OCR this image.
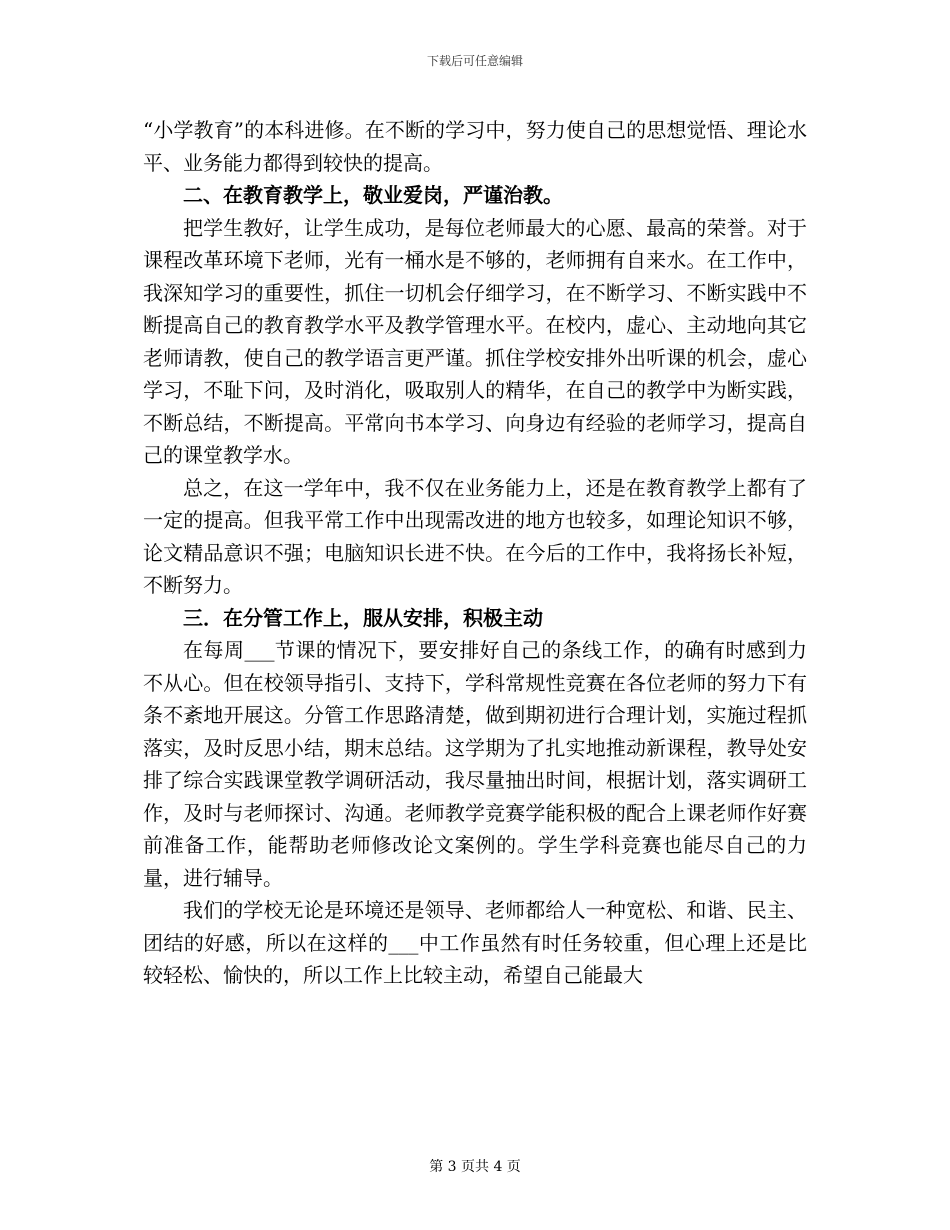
下载后可任意编辑

“小学教育”的本科进修。在不断的学习中，努力使自己的思想觉悟、理论水平、业务能力都得到较快的提高。

二、在教育教学上，敬业爱岗，严谨治教。

把学生教好，让学生成功，是每位老师最大的心愿、最高的荣誉。对于课程改革环境下老师，光有一桶水是不够的，老师拥有自来水。在工作中，我深知学习的重要性，抓住一切机会仔细学习，在不断学习、不断实践中不断提高自己的教育教学水平及教学管理水平。在校内，虚心、主动地向其它老师请教，使自己的教学语言更严谨。抓住学校安排外出听课的机会，虚心学习，不耻下问，及时消化，吸取别人的精华，在自己的教学中为断实践，不断总结，不断提高。平常向书本学习、向身边有经验的老师学习，提高自己的课堂教学水。

总之，在这一学年中，我不仅在业务能力上，还是在教育教学上都有了一定的提高。但我平常工作中出现需改进的地方也较多，如理论知识不够，论文精品意识不强；电脑知识长进不快。在今后的工作中，我将扬长补短，不断努力。

三．在分管工作上，服从安排，积极主动

在每周___节课的情况下，要安排好自己的条线工作，的确有时感到力不从心。但在校领导指引、支持下，学科常规性竞赛在各位老师的努力下有条不紊地开展这。分管工作思路清楚，做到期初进行合理计划，实施过程抓落实，及时反思小结，期末总结。这学期为了扎实地推动新课程，教导处安排了综合实践课堂教学调研活动，我尽量抽出时间，根据计划，落实调研工作，及时与老师探讨、沟通。老师教学竞赛学能积极的配合上课老师作好赛前准备工作，能帮助老师修改论文案例的。学生学科竞赛也能尽自己的力量，进行辅导。

我们的学校无论是环境还是领导、老师都给人一种宽松、和谐、民主、团结的好感，所以在这样的___中工作虽然有时任务较重，但心理上还是比较轻松、愉快的，所以工作上比较主动，希望自己能最大

第 3 页共 4 页
